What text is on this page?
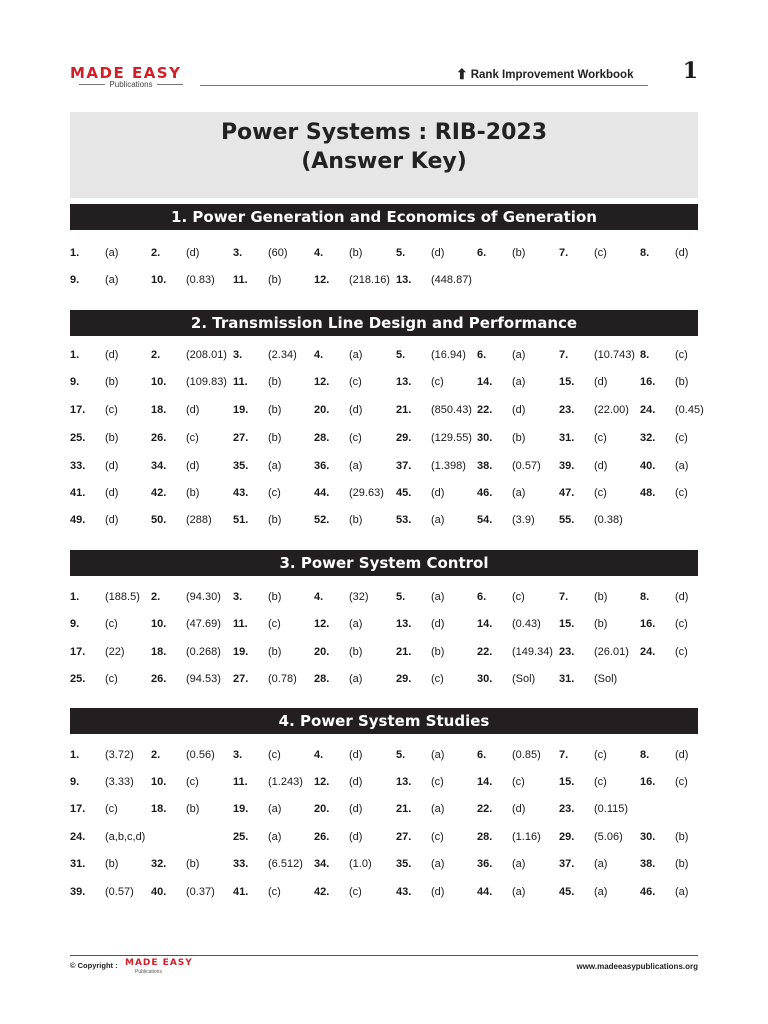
MADE EASY
Publications
⬆ Rank Improvement Workbook 1
Power Systems : RIB-2023
(Answer Key)
1. Power Generation and Economics of Generation
1. (a)	2. (d)	3. (60) 4. (b)	5. (d)	6. (b)	7. (c)	8. (d)
9. (a)	10. (0.83) 11. (b)	12. (218.16) 13. (448.87)
2. Transmission Line Design and Performance
1. (d)	2. (208.01) 3. (2.34) 4. (a)	5. (16.94) 6. (a)	7. (10.743) 8. (c)
9. (b)	10. (109.83) 11. (b)	12. (c)	13. (c)	14. (a)	15. (d)	16. (b)
17. (c)	18. (d)	19. (b)	20. (d)	21. (850.43) 22. (d)	23. (22.00) 24. (0.45)
25. (b)	26. (c)	27. (b)	28. (c)	29. (129.55) 30. (b)	31. (c)	32. (c)
33. (d)	34. (d)	35. (a)	36. (a)	37. (1.398) 38. (0.57) 39. (d)	40. (a)
41. (d)	42. (b)	43. (c)	44. (29.63) 45. (d)	46. (a)	47. (c)	48. (c)
49. (d)	50. (288) 51. (b)	52. (b)	53. (a)	54. (3.9) 55. (0.38)
3. Power System Control
1. (188.5) 2. (94.30) 3. (b)	4. (32) 5. (a)	6. (c)	7. (b)	8. (d)
9. (c)	10. (47.69) 11. (c)	12. (a)	13. (d)	14. (0.43) 15. (b)	16. (c)
17. (22) 18. (0.268) 19. (b)	20. (b)	21. (b)	22. (149.34) 23. (26.01) 24. (c)
25. (c)	26. (94.53) 27. (0.78) 28. (a)	29. (c)	30. (Sol) 31. (Sol)
4. Power System Studies
1. (3.72) 2. (0.56) 3. (c)	4. (d)	5. (a)	6. (0.85) 7. (c)	8. (d)
9. (3.33) 10. (c)	11. (1.243) 12. (d)	13. (c)	14. (c)	15. (c)	16. (c)
17. (c)	18. (b)	19. (a)	20. (d)	21. (a)	22. (d)	23. (0.115)
24. (a,b,c,d)	25. (a)	26. (d)	27. (c)	28. (1.16) 29. (5.06) 30. (b)
31. (b)	32. (b)	33. (6.512) 34. (1.0) 35. (a)	36. (a)	37. (a)	38. (b)
39. (0.57) 40. (0.37) 41. (c)	42. (c)	43. (d)	44. (a)	45. (a)	46. (a)
© Copyright : MADE EASY
Publications
www.madeeasypublications.org
